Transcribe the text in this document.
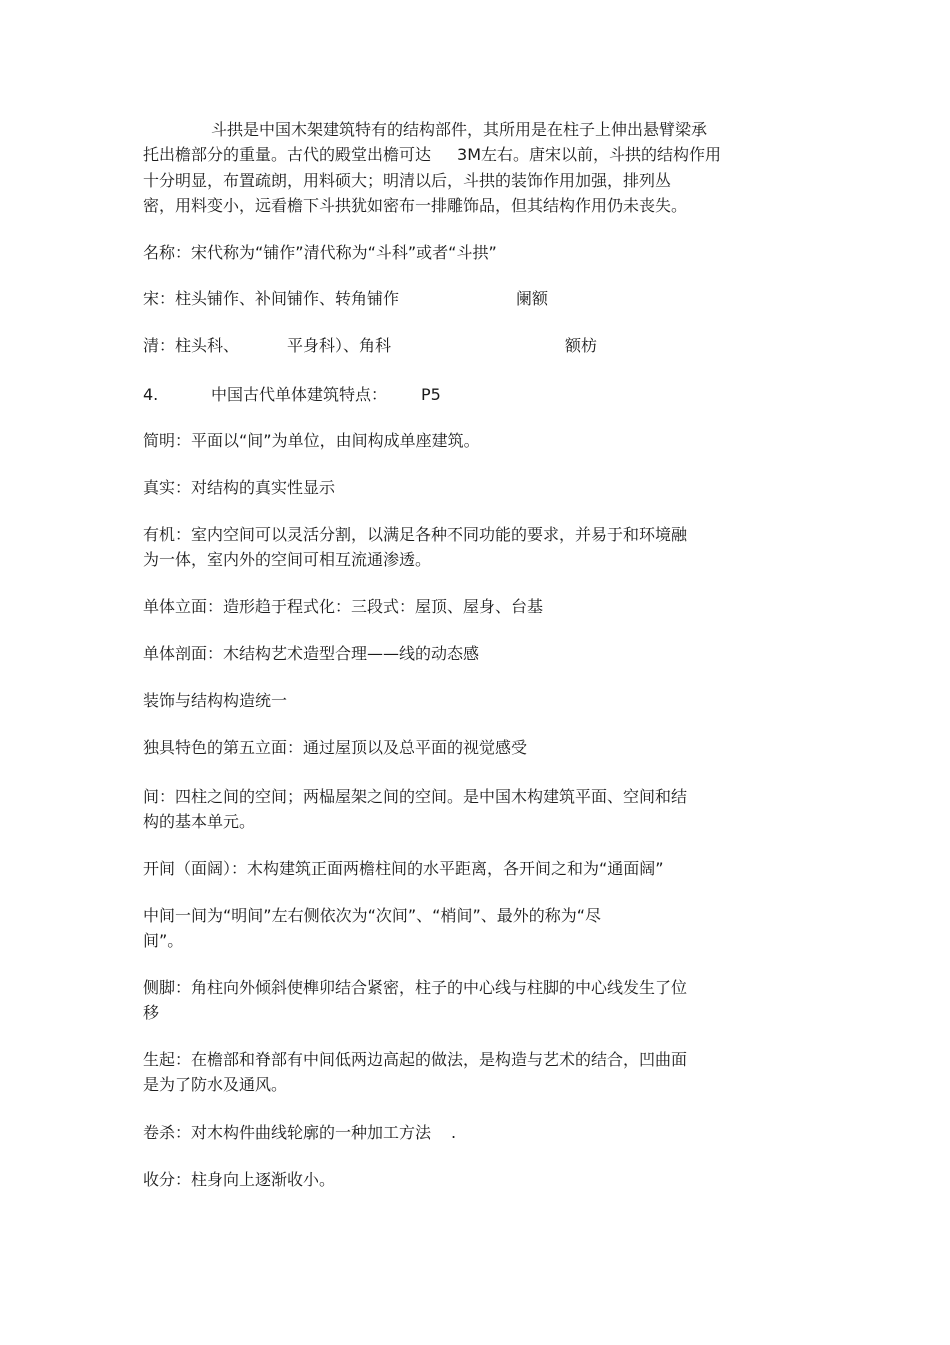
斗拱是中国木架建筑特有的结构部件，其所用是在柱子上伸出悬臂梁承
托出檐部分的重量。古代的殿堂出檐可达 3M左右。唐宋以前，斗拱的结构作用
十分明显，布置疏朗，用料硕大；明清以后，斗拱的装饰作用加强，排列丛
密，用料变小，远看檐下斗拱犹如密布一排雕饰品，但其结构作用仍未丧失。
名称：宋代称为“铺作”清代称为“斗科”或者“斗拱”
宋：柱头铺作、补间铺作、转角铺作	阑额
清：柱头科、	平身科）、角科	额枋
4.	中国古代单体建筑特点： P5
简明：平面以“间”为单位，由间构成单座建筑。
真实：对结构的真实性显示
有机：室内空间可以灵活分割，以满足各种不同功能的要求，并易于和环境融
为一体，室内外的空间可相互流通渗透。
单体立面：造形趋于程式化：三段式：屋顶、屋身、台基
单体剖面：木结构艺术造型合理——线的动态感
装饰与结构构造统一
独具特色的第五立面：通过屋顶以及总平面的视觉感受
间：四柱之间的空间；两榀屋架之间的空间。是中国木构建筑平面、空间和结
构的基本单元。
开间（面阔）：木构建筑正面两檐柱间的水平距离，各开间之和为“通面阔”
中间一间为“明间”左右侧依次为“次间”、“梢间”、最外的称为“尽
间”。
侧脚：角柱向外倾斜使榫卯结合紧密，柱子的中心线与柱脚的中心线发生了位
移
生起：在檐部和脊部有中间低两边高起的做法，是构造与艺术的结合，凹曲面
是为了防水及通风。
卷杀：对木构件曲线轮廓的一种加工方法 .
收分：柱身向上逐渐收小。
